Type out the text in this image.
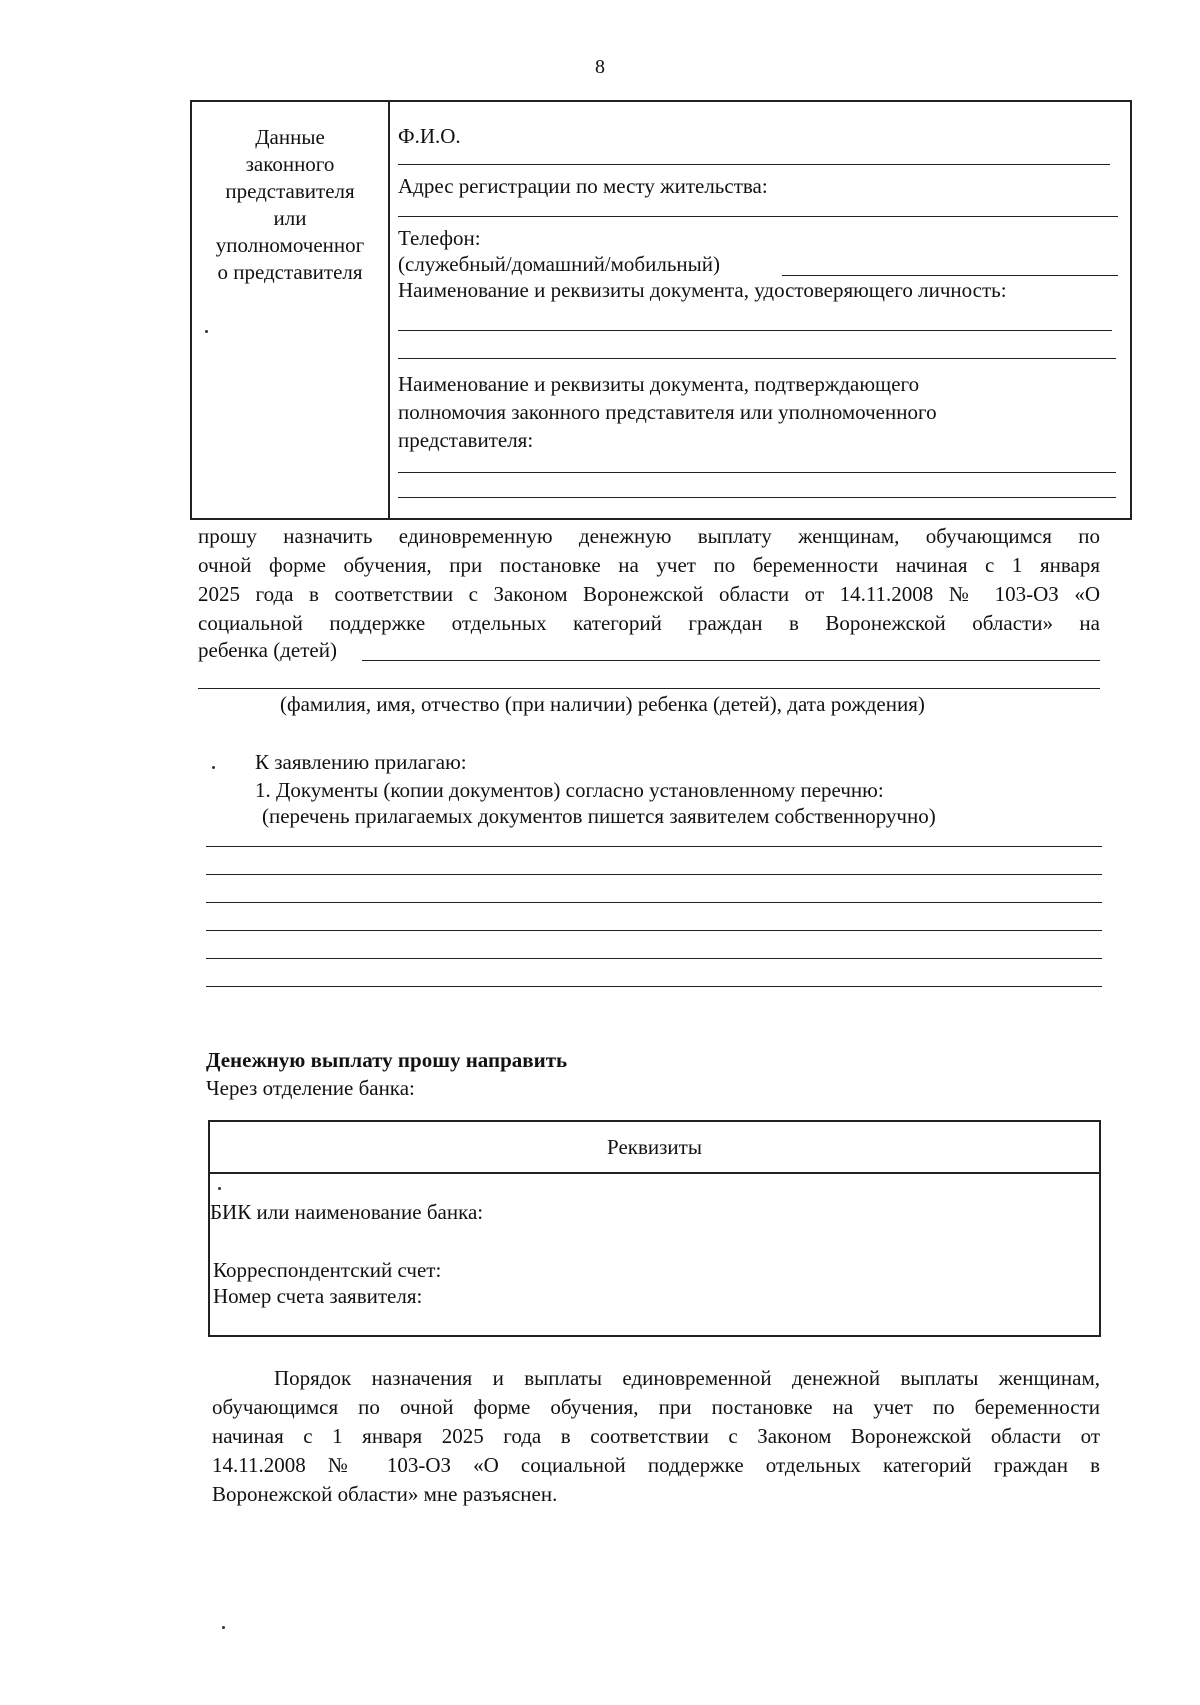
8
Данные
законного
представителя
или
уполномоченног
о представителя
Ф.И.О.
Адрес регистрации по месту жительства:
Телефон:
(служебный/домашний/мобильный)
Наименование и реквизиты документа, удостоверяющего личность:
Наименование и реквизиты документа, подтверждающего
полномочия законного представителя или уполномоченного
представителя:
прошу назначить единовременную денежную выплату женщинам, обучающимся по
очной форме обучения, при постановке на учет по беременности начиная с 1 января
2025 года в соответствии с Законом Воронежской области от 14.11.2008 № 103-ОЗ «О
социальной поддержке отдельных категорий граждан в Воронежской области» на
ребенка (детей)
(фамилия, имя, отчество (при наличии) ребенка (детей), дата рождения)
К заявлению прилагаю:
1. Документы (копии документов) согласно установленному перечню:
(перечень прилагаемых документов пишется заявителем собственноручно)
Денежную выплату прошу направить
Через отделение банка:
Реквизиты
БИК или наименование банка:
Корреспондентский счет:
Номер счета заявителя:
Порядок назначения и выплаты единовременной денежной выплаты женщинам,
обучающимся по очной форме обучения, при постановке на учет по беременности
начиная с 1 января 2025 года в соответствии с Законом Воронежской области от
14.11.2008 № 103-ОЗ «О социальной поддержке отдельных категорий граждан в
Воронежской области» мне разъяснен.
